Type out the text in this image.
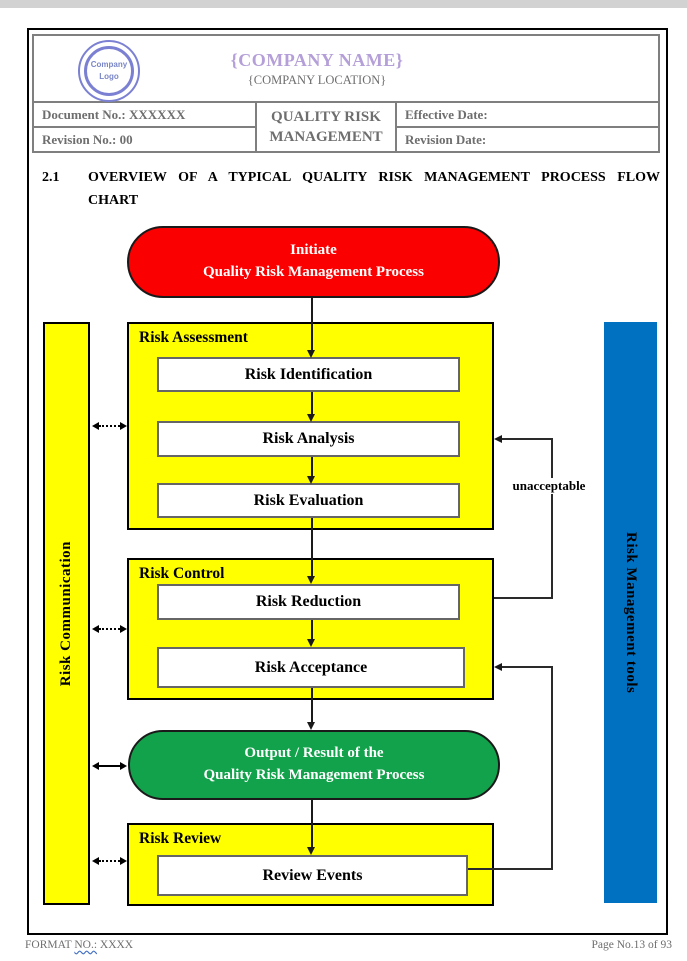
Company
Logo
{COMPANY NAME}
{COMPANY LOCATION}
Document No.: XXXXXX
Revision No.: 00
QUALITY RISK
MANAGEMENT
Effective Date:
Revision Date:
2.1 OVERVIEW OF A TYPICAL QUALITY RISK MANAGEMENT PROCESS FLOW CHART
Initiate
Quality Risk Management Process
Risk Communication	Risk Management tools
Risk Assessment
Risk Identification
Risk Analysis
Risk Evaluation
Risk Control
Risk Reduction
Risk Acceptance
Output / Result of the
Quality Risk Management Process
Risk Review
Review Events
unacceptable
FORMAT NO.: XXXX	Page No.13 of 93
